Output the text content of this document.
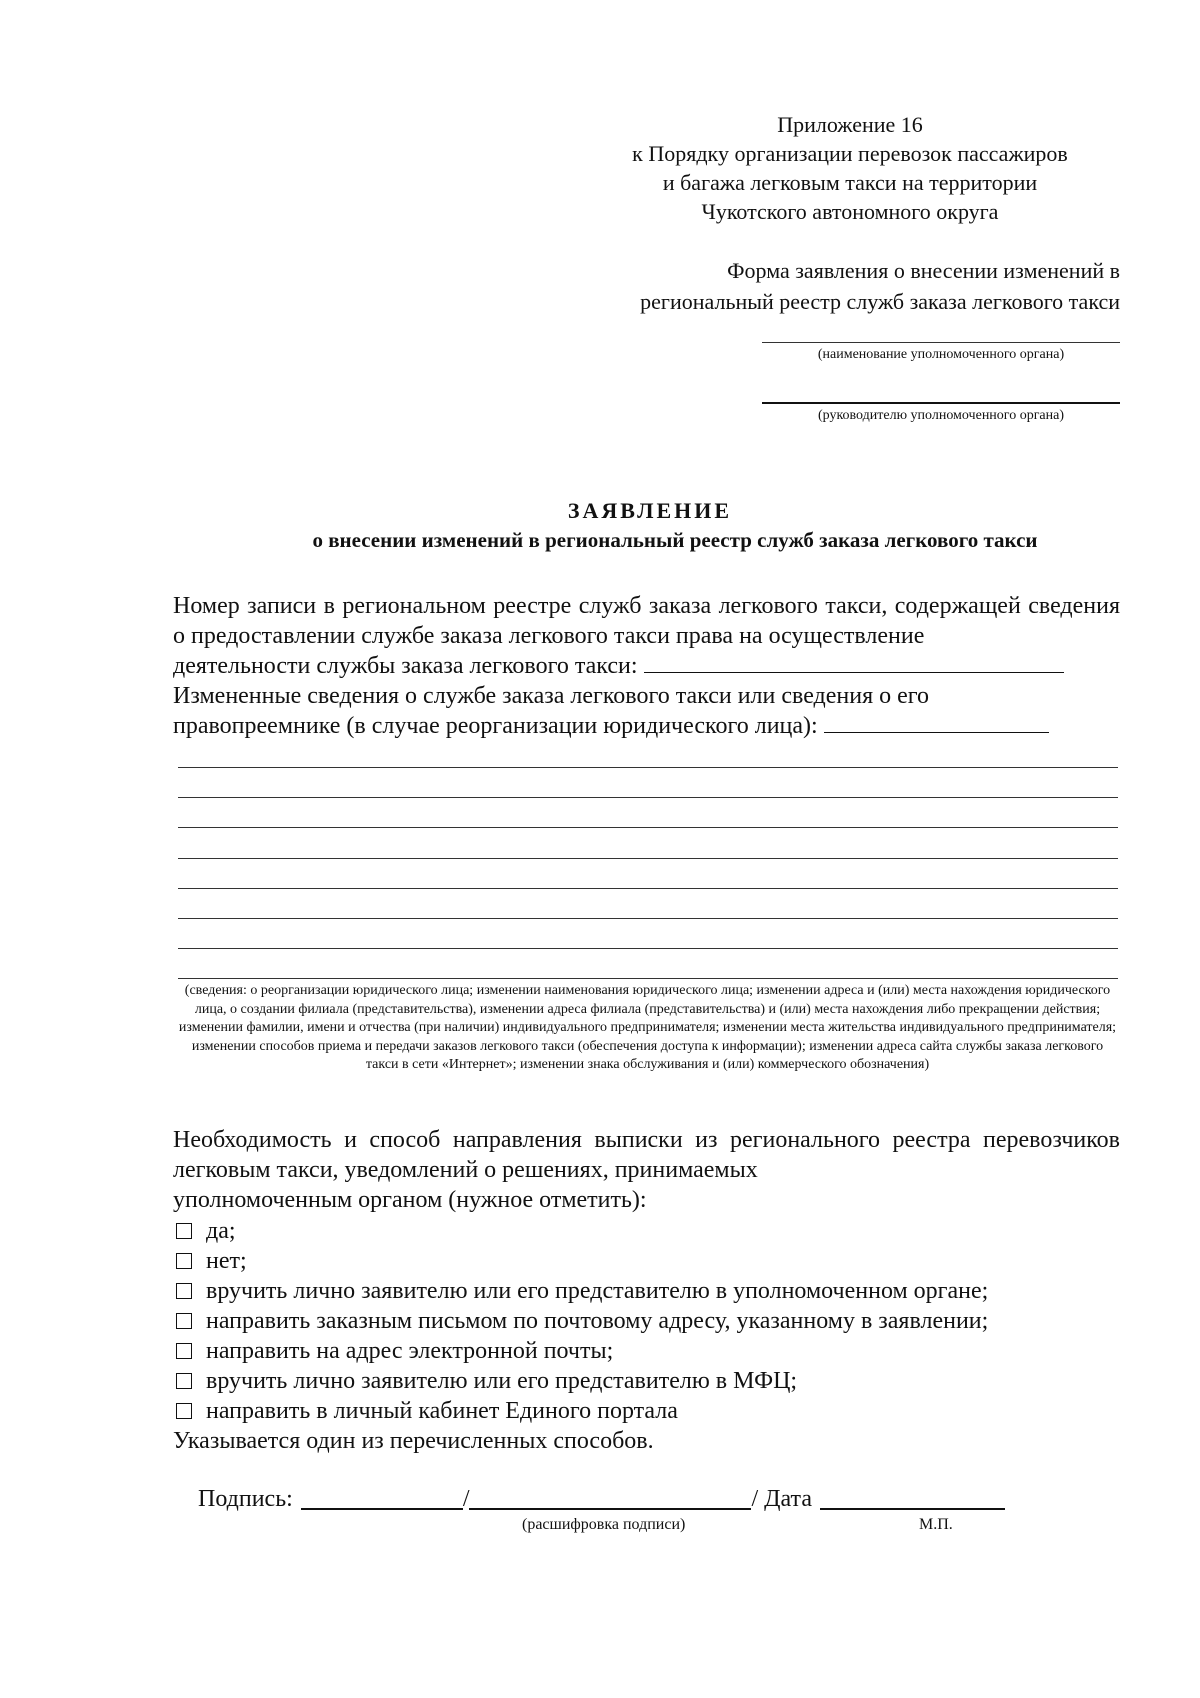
Приложение 16
к Порядку организации перевозок пассажиров
и багажа легковым такси на территории
Чукотского автономного округа
Форма заявления о внесении изменений в
региональный реестр служб заказа легкового такси
(наименование уполномоченного органа)
(руководителю уполномоченного органа)
ЗАЯВЛЕНИЕ
о внесении изменений в региональный реестр служб заказа легкового такси
Номер записи в региональном реестре служб заказа легкового такси, содержащей сведения о предоставлении службе заказа легкового такси права на осуществление
деятельности службы заказа легкового такси:
Измененные сведения о службе заказа легкового такси или сведения о его
правопреемнике (в случае реорганизации юридического лица):
(сведения: о реорганизации юридического лица; изменении наименования юридического лица; изменении адреса и (или) места нахождения юридического лица, о создании филиала (представительства), изменении адреса филиала (представительства) и (или) места нахождения либо прекращении действия; изменении фамилии, имени и отчества (при наличии) индивидуального предпринимателя; изменении места жительства индивидуального предпринимателя; изменении способов приема и передачи заказов легкового такси (обеспечения доступа к информации); изменении адреса сайта службы заказа легкового такси в сети «Интернет»; изменении знака обслуживания и (или) коммерческого обозначения)
Необходимость и способ направления выписки из регионального реестра перевозчиков легковым такси, уведомлений о решениях, принимаемых
уполномоченным органом (нужное отметить):
да;
нет;
вручить лично заявителю или его представителю в уполномоченном органе;
направить заказным письмом по почтовому адресу, указанному в заявлении;
направить на адрес электронной почты;
вручить лично заявителю или его представителю в МФЦ;
направить в личный кабинет Единого портала
Указывается один из перечисленных способов.
Подпись:	/	/ Дата
(расшифровка подписи)	М.П.
